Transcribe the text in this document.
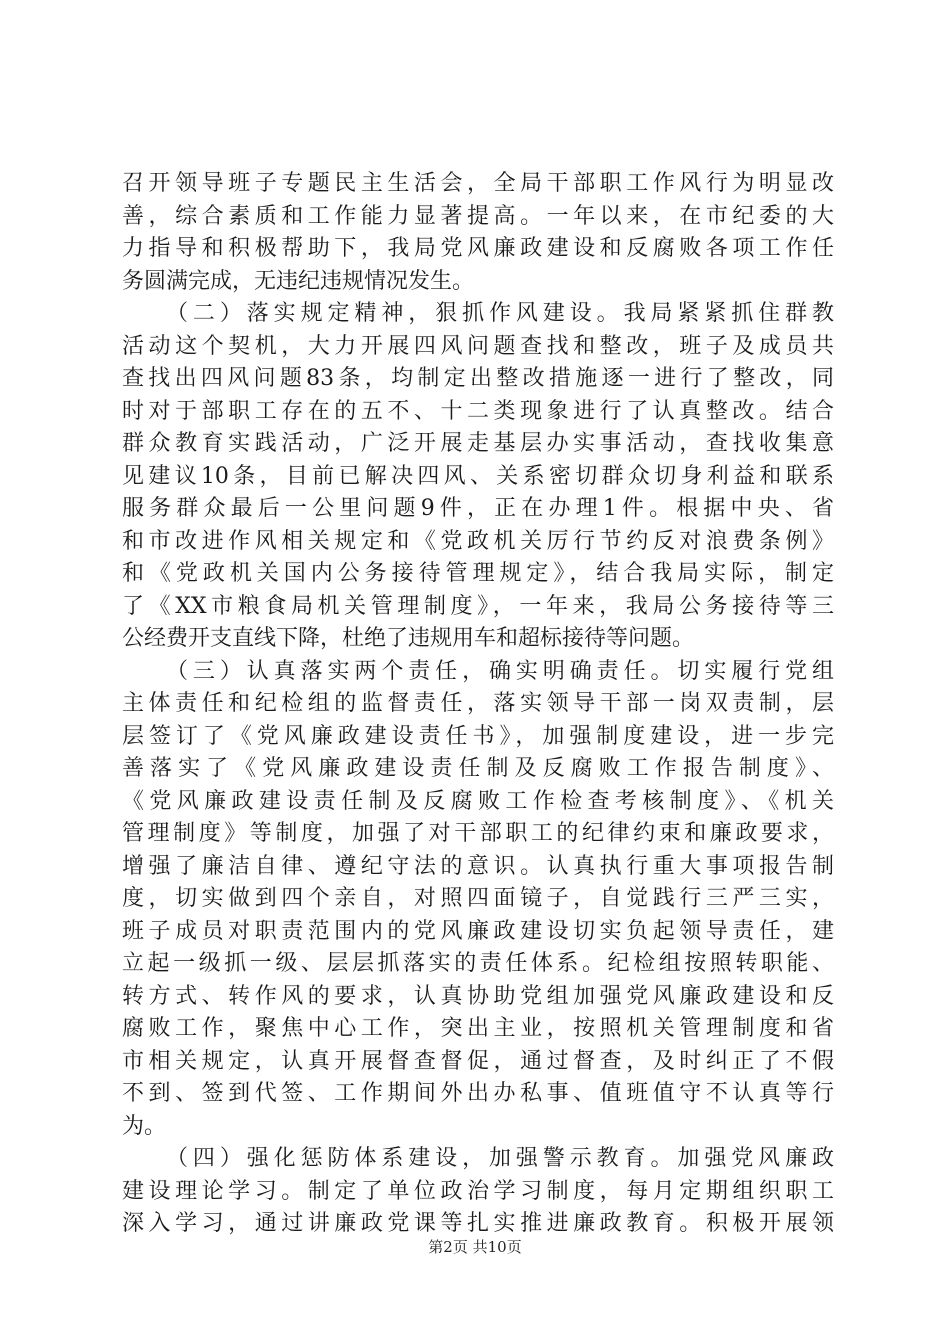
召开领导班子专题民主生活会，全局干部职工作风行为明显改
善，综合素质和工作能力显著提高。一年以来，在市纪委的大
力指导和积极帮助下，我局党风廉政建设和反腐败各项工作任
务圆满完成，无违纪违规情况发生。
（二）落实规定精神，狠抓作风建设。我局紧紧抓住群教
活动这个契机，大力开展四风问题查找和整改，班子及成员共
查找出四风问题83条，均制定出整改措施逐一进行了整改，同
时对于部职工存在的五不、十二类现象进行了认真整改。结合
群众教育实践活动，广泛开展走基层办实事活动，查找收集意
见建议10条，目前已解决四风、关系密切群众切身利益和联系
服务群众最后一公里问题9件，正在办理1件。根据中央、省
和市改进作风相关规定和《党政机关厉行节约反对浪费条例》
和《党政机关国内公务接待管理规定》，结合我局实际，制定
了《XX市粮食局机关管理制度》，一年来，我局公务接待等三
公经费开支直线下降，杜绝了违规用车和超标接待等问题。
（三）认真落实两个责任，确实明确责任。切实履行党组
主体责任和纪检组的监督责任，落实领导干部一岗双责制，层
层签订了《党风廉政建设责任书》，加强制度建设，进一步完
善落实了《党风廉政建设责任制及反腐败工作报告制度》、
《党风廉政建设责任制及反腐败工作检查考核制度》、《机关
管理制度》等制度，加强了对干部职工的纪律约束和廉政要求，
增强了廉洁自律、遵纪守法的意识。认真执行重大事项报告制
度，切实做到四个亲自，对照四面镜子，自觉践行三严三实，
班子成员对职责范围内的党风廉政建设切实负起领导责任，建
立起一级抓一级、层层抓落实的责任体系。纪检组按照转职能、
转方式、转作风的要求，认真协助党组加强党风廉政建设和反
腐败工作，聚焦中心工作，突出主业，按照机关管理制度和省
市相关规定，认真开展督查督促，通过督查，及时纠正了不假
不到、签到代签、工作期间外出办私事、值班值守不认真等行
为。
（四）强化惩防体系建设，加强警示教育。加强党风廉政
建设理论学习。制定了单位政治学习制度，每月定期组织职工
深入学习，通过讲廉政党课等扎实推进廉政教育。积极开展领
第2页 共10页
